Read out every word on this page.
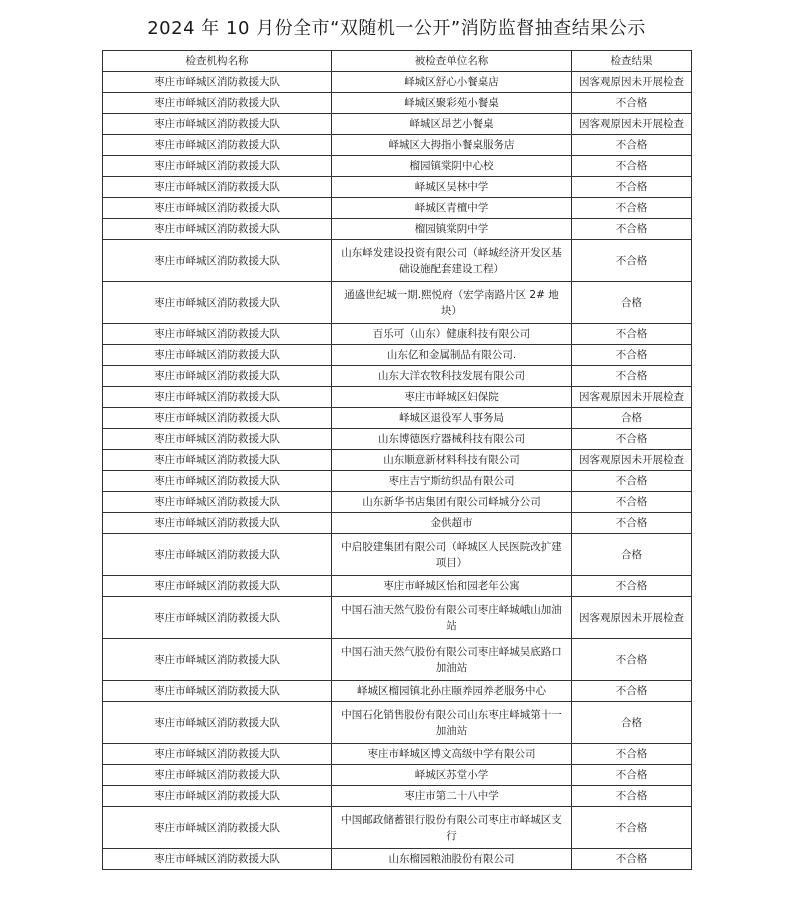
2024 年 10 月份全市“双随机一公开”消防监督抽查结果公示
检查机构名称	被检查单位名称	检查结果
枣庄市峄城区消防救援大队	峄城区舒心小餐桌店	因客观原因未开展检查
枣庄市峄城区消防救援大队	峄城区聚彩苑小餐桌	不合格
枣庄市峄城区消防救援大队	峄城区昂艺小餐桌	因客观原因未开展检查
枣庄市峄城区消防救援大队	峄城区大拇指小餐桌服务店	不合格
枣庄市峄城区消防救援大队	榴园镇棠阴中心校	不合格
枣庄市峄城区消防救援大队	峄城区吴林中学	不合格
枣庄市峄城区消防救援大队	峄城区青檀中学	不合格
枣庄市峄城区消防救援大队	榴园镇棠阴中学	不合格
枣庄市峄城区消防救援大队	山东峄发建设投资有限公司（峄城经济开发区基础设施配套建设工程）	不合格
枣庄市峄城区消防救援大队	通盛世纪城一期.熙悦府（宏学南路片区 2# 地块）	合格
枣庄市峄城区消防救援大队	百乐可（山东）健康科技有限公司	不合格
枣庄市峄城区消防救援大队	山东亿和金属制品有限公司.	不合格
枣庄市峄城区消防救援大队	山东大洋农牧科技发展有限公司	不合格
枣庄市峄城区消防救援大队	枣庄市峄城区妇保院	因客观原因未开展检查
枣庄市峄城区消防救援大队	峄城区退役军人事务局	合格
枣庄市峄城区消防救援大队	山东博德医疗器械科技有限公司	不合格
枣庄市峄城区消防救援大队	山东顺意新材料科技有限公司	因客观原因未开展检查
枣庄市峄城区消防救援大队	枣庄吉宁斯纺织品有限公司	不合格
枣庄市峄城区消防救援大队	山东新华书店集团有限公司峄城分公司	不合格
枣庄市峄城区消防救援大队	金供超市	不合格
枣庄市峄城区消防救援大队	中启胶建集团有限公司（峄城区人民医院改扩建项目）	合格
枣庄市峄城区消防救援大队	枣庄市峄城区怡和园老年公寓	不合格
枣庄市峄城区消防救援大队	中国石油天然气股份有限公司枣庄峄城峨山加油站	因客观原因未开展检查
枣庄市峄城区消防救援大队	中国石油天然气股份有限公司枣庄峄城吴底路口加油站	不合格
枣庄市峄城区消防救援大队	峄城区榴园镇北孙庄颐养园养老服务中心	不合格
枣庄市峄城区消防救援大队	中国石化销售股份有限公司山东枣庄峄城第十一加油站	合格
枣庄市峄城区消防救援大队	枣庄市峄城区博文高级中学有限公司	不合格
枣庄市峄城区消防救援大队	峄城区苏堂小学	不合格
枣庄市峄城区消防救援大队	枣庄市第二十八中学	不合格
枣庄市峄城区消防救援大队	中国邮政储蓄银行股份有限公司枣庄市峄城区支行	不合格
枣庄市峄城区消防救援大队	山东榴园粮油股份有限公司	不合格
